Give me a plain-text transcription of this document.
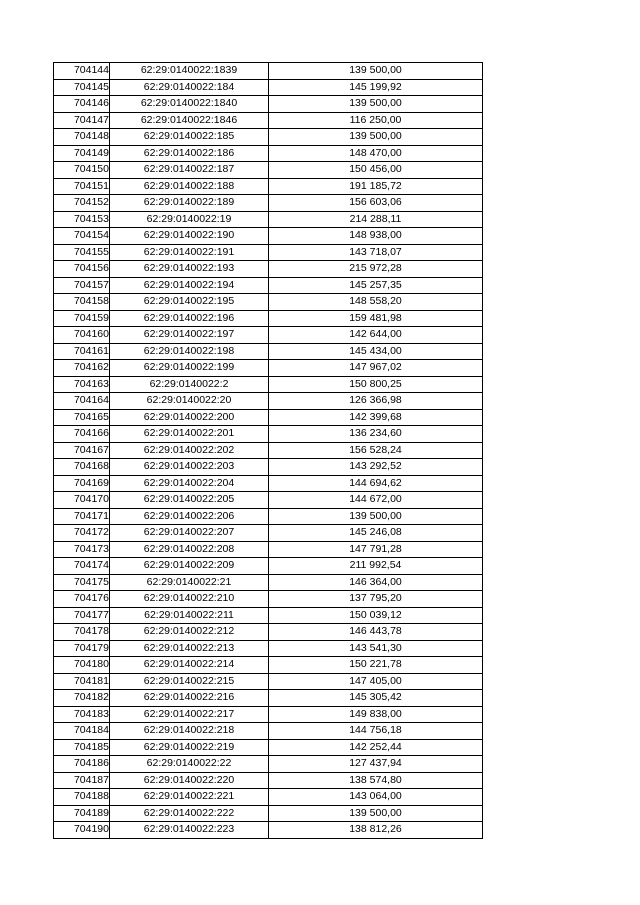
704144	62:29:0140022:1839	139 500,00
704145	62:29:0140022:184	145 199,92
704146	62:29:0140022:1840	139 500,00
704147	62:29:0140022:1846	116 250,00
704148	62:29:0140022:185	139 500,00
704149	62:29:0140022:186	148 470,00
704150	62:29:0140022:187	150 456,00
704151	62:29:0140022:188	191 185,72
704152	62:29:0140022:189	156 603,06
704153	62:29:0140022:19	214 288,11
704154	62:29:0140022:190	148 938,00
704155	62:29:0140022:191	143 718,07
704156	62:29:0140022:193	215 972,28
704157	62:29:0140022:194	145 257,35
704158	62:29:0140022:195	148 558,20
704159	62:29:0140022:196	159 481,98
704160	62:29:0140022:197	142 644,00
704161	62:29:0140022:198	145 434,00
704162	62:29:0140022:199	147 967,02
704163	62:29:0140022:2	150 800,25
704164	62:29:0140022:20	126 366,98
704165	62:29:0140022:200	142 399,68
704166	62:29:0140022:201	136 234,60
704167	62:29:0140022:202	156 528,24
704168	62:29:0140022:203	143 292,52
704169	62:29:0140022:204	144 694,62
704170	62:29:0140022:205	144 672,00
704171	62:29:0140022:206	139 500,00
704172	62:29:0140022:207	145 246,08
704173	62:29:0140022:208	147 791,28
704174	62:29:0140022:209	211 992,54
704175	62:29:0140022:21	146 364,00
704176	62:29:0140022:210	137 795,20
704177	62:29:0140022:211	150 039,12
704178	62:29:0140022:212	146 443,78
704179	62:29:0140022:213	143 541,30
704180	62:29:0140022:214	150 221,78
704181	62:29:0140022:215	147 405,00
704182	62:29:0140022:216	145 305,42
704183	62:29:0140022:217	149 838,00
704184	62:29:0140022:218	144 756,18
704185	62:29:0140022:219	142 252,44
704186	62:29:0140022:22	127 437,94
704187	62:29:0140022:220	138 574,80
704188	62:29:0140022:221	143 064,00
704189	62:29:0140022:222	139 500,00
704190	62:29:0140022:223	138 812,26
